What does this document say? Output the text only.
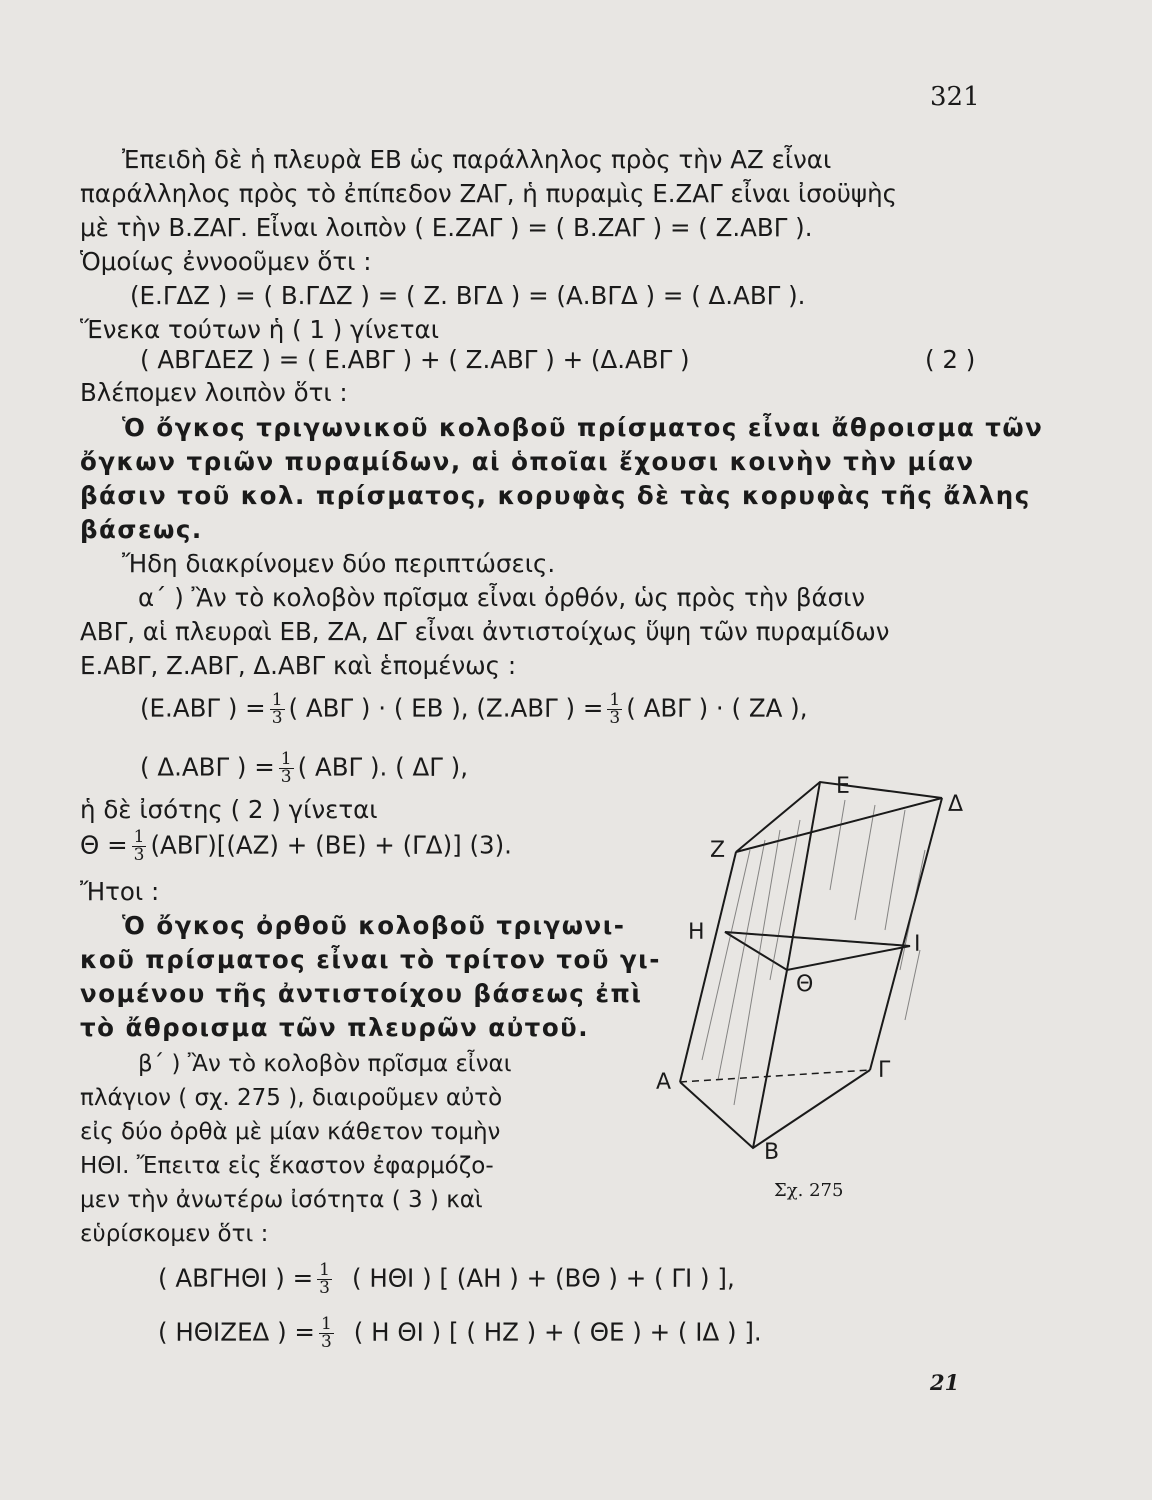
321
Ἐπειδὴ δὲ ἡ πλευρὰ ΕΒ ὡς παράλληλος πρὸς τὴν ΑΖ εἶναι
παράλληλος πρὸς τὸ ἐπίπεδον ΖΑΓ, ἡ πυραμὶς Ε.ΖΑΓ εἶναι ἰσοϋψὴς
μὲ τὴν Β.ΖΑΓ. Εἶναι λοιπὸν ( Ε.ΖΑΓ ) = ( Β.ΖΑΓ ) = ( Ζ.ΑΒΓ ).
Ὁμοίως ἐννοοῦμεν ὅτι :
(Ε.ΓΔΖ ) = ( Β.ΓΔΖ ) = ( Ζ. ΒΓΔ ) = (Α.ΒΓΔ ) = ( Δ.ΑΒΓ ).
Ἕνεκα τούτων ἡ ( 1 ) γίνεται
( ΑΒΓΔΕΖ ) = ( Ε.ΑΒΓ ) + ( Ζ.ΑΒΓ ) + (Δ.ΑΒΓ )	( 2 )
Βλέπομεν λοιπὸν ὅτι :
Ὁ ὄγκος τριγωνικοῦ κολοβοῦ πρίσματος εἶναι ἄθροισμα τῶν
ὄγκων τριῶν πυραμίδων, αἱ ὁποῖαι ἔχουσι κοινὴν τὴν μίαν
βάσιν τοῦ κολ. πρίσματος, κορυφὰς δὲ τὰς κορυφὰς τῆς ἄλλης
βάσεως.
Ἤδη διακρίνομεν δύο περιπτώσεις.
α΄ ) Ἂν τὸ κολοβὸν πρῖσμα εἶναι ὀρθόν, ὡς πρὸς τὴν βάσιν
ΑΒΓ, αἱ πλευραὶ ΕΒ, ΖΑ, ΔΓ εἶναι ἀντιστοίχως ὕψη τῶν πυραμίδων
Ε.ΑΒΓ, Ζ.ΑΒΓ, Δ.ΑΒΓ καὶ ἑπομένως :
(Ε.ΑΒΓ ) = $\frac{1}{3}$ ( ΑΒΓ ) · ( ΕΒ ), (Ζ.ΑΒΓ ) = $\frac{1}{3}$ ( ΑΒΓ ) · ( ΖΑ ),
( Δ.ΑΒΓ ) = $\frac{1}{3}$ ( ΑΒΓ ). ( ΔΓ ),
ἡ δὲ ἰσότης ( 2 ) γίνεται
$\Theta = \frac{1}{3} (AB\Gamma)[(AZ) + (BE) + (\Gamma\Delta)]$ (3).
Ἤτοι :
Ὁ ὄγκος ὀρθοῦ κολοβοῦ τριγωνι-
κοῦ πρίσματος εἶναι τὸ τρίτον τοῦ γι-
νομένου τῆς ἀντιστοίχου βάσεως ἐπὶ
τὸ ἄθροισμα τῶν πλευρῶν αὐτοῦ.
β΄ ) Ἂν τὸ κολοβὸν πρῖσμα εἶναι
πλάγιον ( σχ. 275 ), διαιροῦμεν αὐτὸ
εἰς δύο ὀρθὰ μὲ μίαν κάθετον τομὴν
ΗΘΙ. Ἔπειτα εἰς ἕκαστον ἐφαρμόζο-
μεν τὴν ἀνωτέρω ἰσότητα ( 3 ) καὶ
εὑρίσκομεν ὅτι :
( ΑΒΓΗΘΙ ) = $\frac{1}{3}$ ( ΗΘΙ ) [ (ΑΗ ) + (ΒΘ ) + ( ΓΙ ) ],
( ΗΘΙΖΕΔ ) = $\frac{1}{3}$ ( Η ΘΙ ) [ ( ΗΖ ) + ( ΘΕ ) + ( ΙΔ ) ].
21
Ε
Δ
Ζ
Η	Ι
Θ
Α	Γ
Β
Σχ. 275
